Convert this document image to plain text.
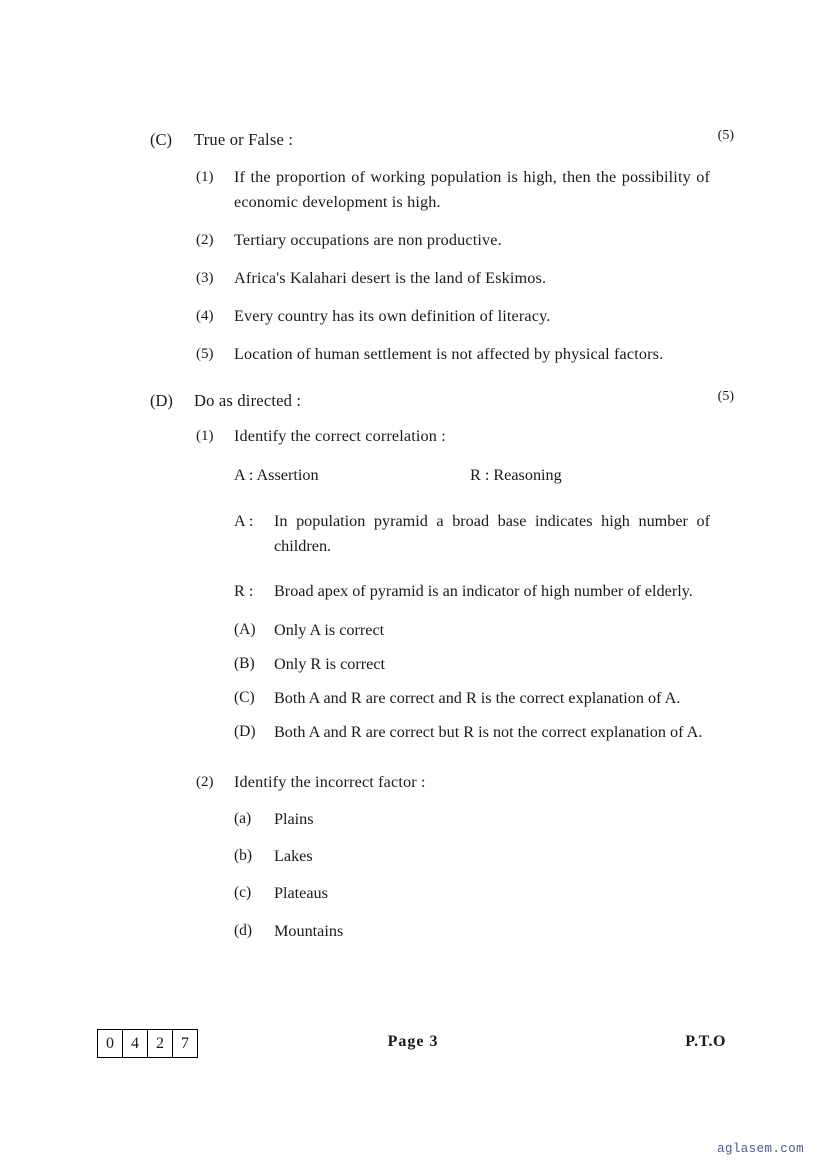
(C)	True or False :	(5)
(1)	If the proportion of working population is high, then the possibility of economic development is high.
(2)	Tertiary occupations are non productive.
(3)	Africa's Kalahari desert is the land of Eskimos.
(4)	Every country has its own definition of literacy.
(5)	Location of human settlement is not affected by physical factors.
(D)	Do as directed :	(5)
(1)	Identify the correct correlation :
A : Assertion	R : Reasoning
A :	In population pyramid a broad base indicates high number of children.
R :	Broad apex of pyramid is an indicator of high number of elderly.
(A)	Only A is correct
(B)	Only R is correct
(C)	Both A and R are correct and R is the correct explanation of A.
(D)	Both A and R are correct but R is not the correct explanation of A.
(2)	Identify the incorrect factor :
(a)	Plains
(b)	Lakes
(c)	Plateaus
(d)	Mountains
0	4	2	7	Page 3	P.T.O
aglasem.com
